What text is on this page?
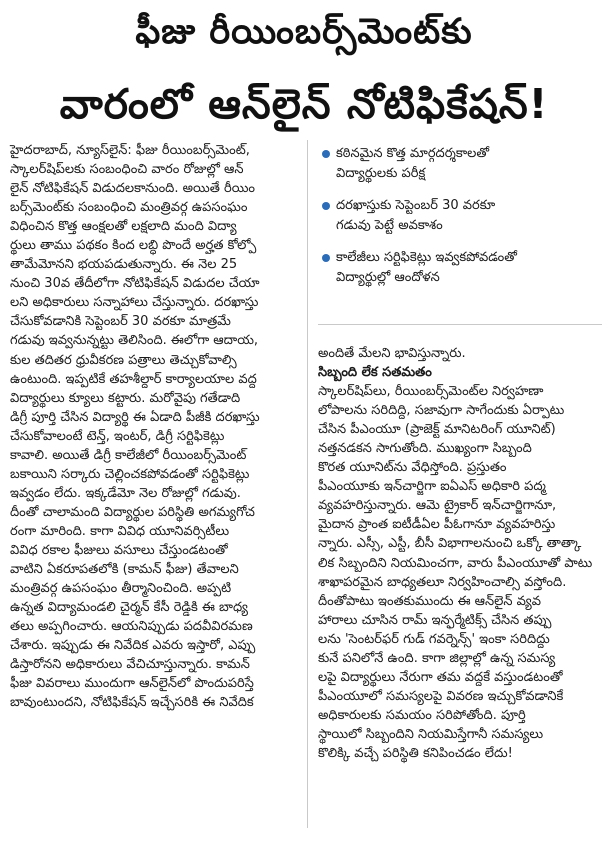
ఫీజు రీయింబర్స్‌మెంట్‌కు
వారంలో ఆన్‌లైన్ నోటిఫికేషన్!

హైదరాబాద్, న్యూస్‌లైన్: ఫీజు రీయింబర్స్‌మెంట్,

స్కాలర్‌షిప్‌లకు సంబంధించి వారం రోజుల్లో ఆన్

లైన్ నోటిఫికేషన్ విడుదలకానుంది. అయితే రీయిం

బర్స్‌మెంట్‌కు సంబంధించి మంత్రివర్గ ఉపసంఘం

విధించిన కొత్త ఆంక్షలతో లక్షలాది మంది విద్యా

ర్థులు తాము పథకం కింద లబ్ధి పొందే అర్హత కోల్పో

తామేమోనని భయపడుతున్నారు. ఈ నెల 25

నుంచి 30వ తేదీలోగా నోటిఫికేషన్ విడుదల చేయా

లని అధికారులు సన్నాహాలు చేస్తున్నారు. దరఖాస్తు

చేసుకోవడానికి సెప్టెంబర్ 30 వరకూ మాత్రమే

గడువు ఇవ్వనున్నట్టు తెలిసింది. ఈలోగా ఆదాయ,

కుల తదితర ధ్రువీకరణ పత్రాలు తెచ్చుకోవాల్సి

ఉంటుంది. ఇప్పటికే తహశీల్దార్ కార్యాలయాల వద్ద

విద్యార్థులు క్యూలు కట్టారు. మరోవైపు గతేడాది

డిగ్రీ పూర్తి చేసిన విద్యార్థి ఈ ఏడాది పీజీకి దరఖాస్తు

చేసుకోవాలంటే టెన్త్, ఇంటర్, డిగ్రీ సర్టిఫికెట్లు

కావాలి. అయితే డిగ్రీ కాలేజీలో రీయింబర్స్‌మెంట్

బకాయిని సర్కారు చెల్లించకపోవడంతో సర్టిఫికెట్లు

ఇవ్వడం లేదు. ఇక్కడేమో నెల రోజుల్లో గడువు.

దీంతో చాలామంది విద్యార్థుల పరిస్థితి అగమ్యగోచ

రంగా మారింది. కాగా వివిధ యూనివర్సిటీలు

వివిధ రకాల ఫీజులు వసూలు చేస్తుండటంతో

వాటిని ఏకరూపతలోకి (కామన్ ఫీజు) తేవాలని

మంత్రివర్గ ఉపసంఘం తీర్మానించింది. అప్పటి

ఉన్నత విద్యామండలి చైర్మన్ కేసీ రెడ్డికి ఈ బాధ్య

తలు అప్పగించారు. ఆయనిప్పుడు పదవీవిరమణ

చేశారు. ఇప్పుడు ఈ నివేదిక ఎవరు ఇస్తారో, ఎప్పు

డిస్తారోనని అధికారులు వేచిచూస్తున్నారు. కామన్

ఫీజు వివరాలు ముందుగా ఆన్‌లైన్‌లో పొందుపరిస్తే

బావుంటుందని, నోటిఫికేషన్ ఇచ్చేసరికి ఈ నివేదిక

కఠినమైన కొత్త మార్గదర్శకాలతో

విద్యార్థులకు పరీక్ష

దరఖాస్తుకు సెప్టెంబర్ 30 వరకూ

గడువు పెట్టే అవకాశం

కాలేజీలు సర్టిఫికెట్లు ఇవ్వకపోవడంతో

విద్యార్థుల్లో ఆందోళన

అందితే మేలని భావిస్తున్నారు.

సిబ్బంది లేక సతమతం

స్కాలర్‌షిప్‌లు, రీయింబర్స్‌మెంట్‌ల నిర్వహణా

లోపాలను సరిదిద్ది, సజావుగా సాగేందుకు ఏర్పాటు

చేసిన పీఎంయూ (ప్రాజెక్ట్ మానిటరింగ్ యూనిట్)

నత్తనడకన సాగుతోంది. ముఖ్యంగా సిబ్బంది

కొరత యూనిట్‌ను వేధిస్తోంది. ప్రస్తుతం

పీఎంయూకు ఇన్‌చార్జిగా ఐఏఎస్ అధికారి పద్మ

వ్యవహరిస్తున్నారు. ఆమె ట్రైకార్ ఇన్‌చార్జిగానూ,

మైదాన ప్రాంత ఐటీడీఏల పీఓగానూ వ్యవహరిస్తు

న్నారు. ఎస్సీ, ఎస్టీ, బీసీ విభాగాలనుంచి ఒక్కో తాత్కా

లిక సిబ్బందిని నియమించగా, వారు పీఎంయూతో పాటు

శాఖాపరమైన బాధ్యతలూ నిర్వహించాల్సి వస్తోంది.

దీంతోపాటు ఇంతకుముందు ఈ ఆన్‌లైన్ వ్యవ

హారాలు చూసిన రామ్ ఇన్ఫర్మేటిక్స్ చేసిన తప్పు

లను 'సెంటర్‌ఫర్ గుడ్ గవర్నెన్స్' ఇంకా సరిదిద్దు

కునే పనిలోనే ఉంది. కాగా జిల్లాల్లో ఉన్న సమస్య

లపై విద్యార్థులు నేరుగా తమ వద్దకే వస్తుండటంతో

పీఎంయూలో సమస్యలపై వివరణ ఇచ్చుకోవడానికే

అధికారులకు సమయం సరిపోతోంది. పూర్తి

స్థాయిలో సిబ్బందిని నియమిస్తేగానీ సమస్యలు

కొలిక్కి వచ్చే పరిస్థితి కనిపించడం లేదు!
